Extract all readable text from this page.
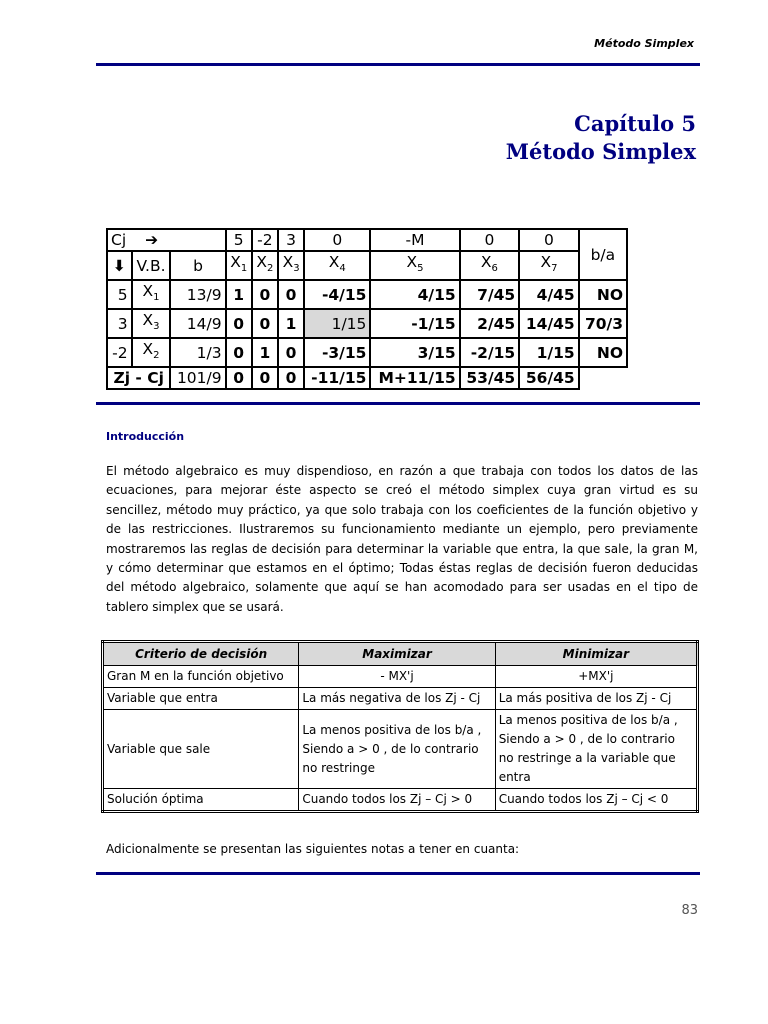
Método Simplex
Capítulo 5
Método Simplex
Cj ➔			5	-2	3	0	-M	0	0	b/a
⬇	V.B.	b	$X_1$	$X_2$	$X_3$	$X_4$	$X_5$	$X_6$	$X_7$
5	$X_1$	13/9	1	0	0	-4/15	4/15	7/45	4/45	NO
3	$X_3$	14/9	0	0	1	1/15	-1/15	2/45	14/45	70/3
-2	$X_2$	1/3	0	1	0	-3/15	3/15	-2/15	1/15	NO
Zj - Cj		101/9	0	0	0	-11/15	M+11/15	53/45	56/45	
Introducción
El método algebraico es muy dispendioso, en razón a que trabaja con todos los datos de las ecuaciones, para mejorar éste aspecto se creó el método simplex cuya gran virtud es su sencillez, método muy práctico, ya que solo trabaja con los coeficientes de la función objetivo y de las restricciones. Ilustraremos su funcionamiento mediante un ejemplo, pero previamente mostraremos las reglas de decisión para determinar la variable que entra, la que sale, la gran M, y cómo determinar que estamos en el óptimo; Todas éstas reglas de decisión fueron deducidas del método algebraico, solamente que aquí se han acomodado para ser usadas en el tipo de tablero simplex que se usará.
Criterio de decisión	Maximizar	Minimizar
Gran M en la función objetivo	- MX'j	+MX'j
Variable que entra	La más negativa de los Zj - Cj	La más positiva de los Zj - Cj
Variable que sale	La menos positiva de los b/a , Siendo a > 0 , de lo contrario no restringe	La menos positiva de los b/a , Siendo a > 0 , de lo contrario no restringe a la variable que entra
Solución óptima	Cuando todos los Zj – Cj > 0	Cuando todos los Zj – Cj < 0
Adicionalmente se presentan las siguientes notas a tener en cuanta:
83
